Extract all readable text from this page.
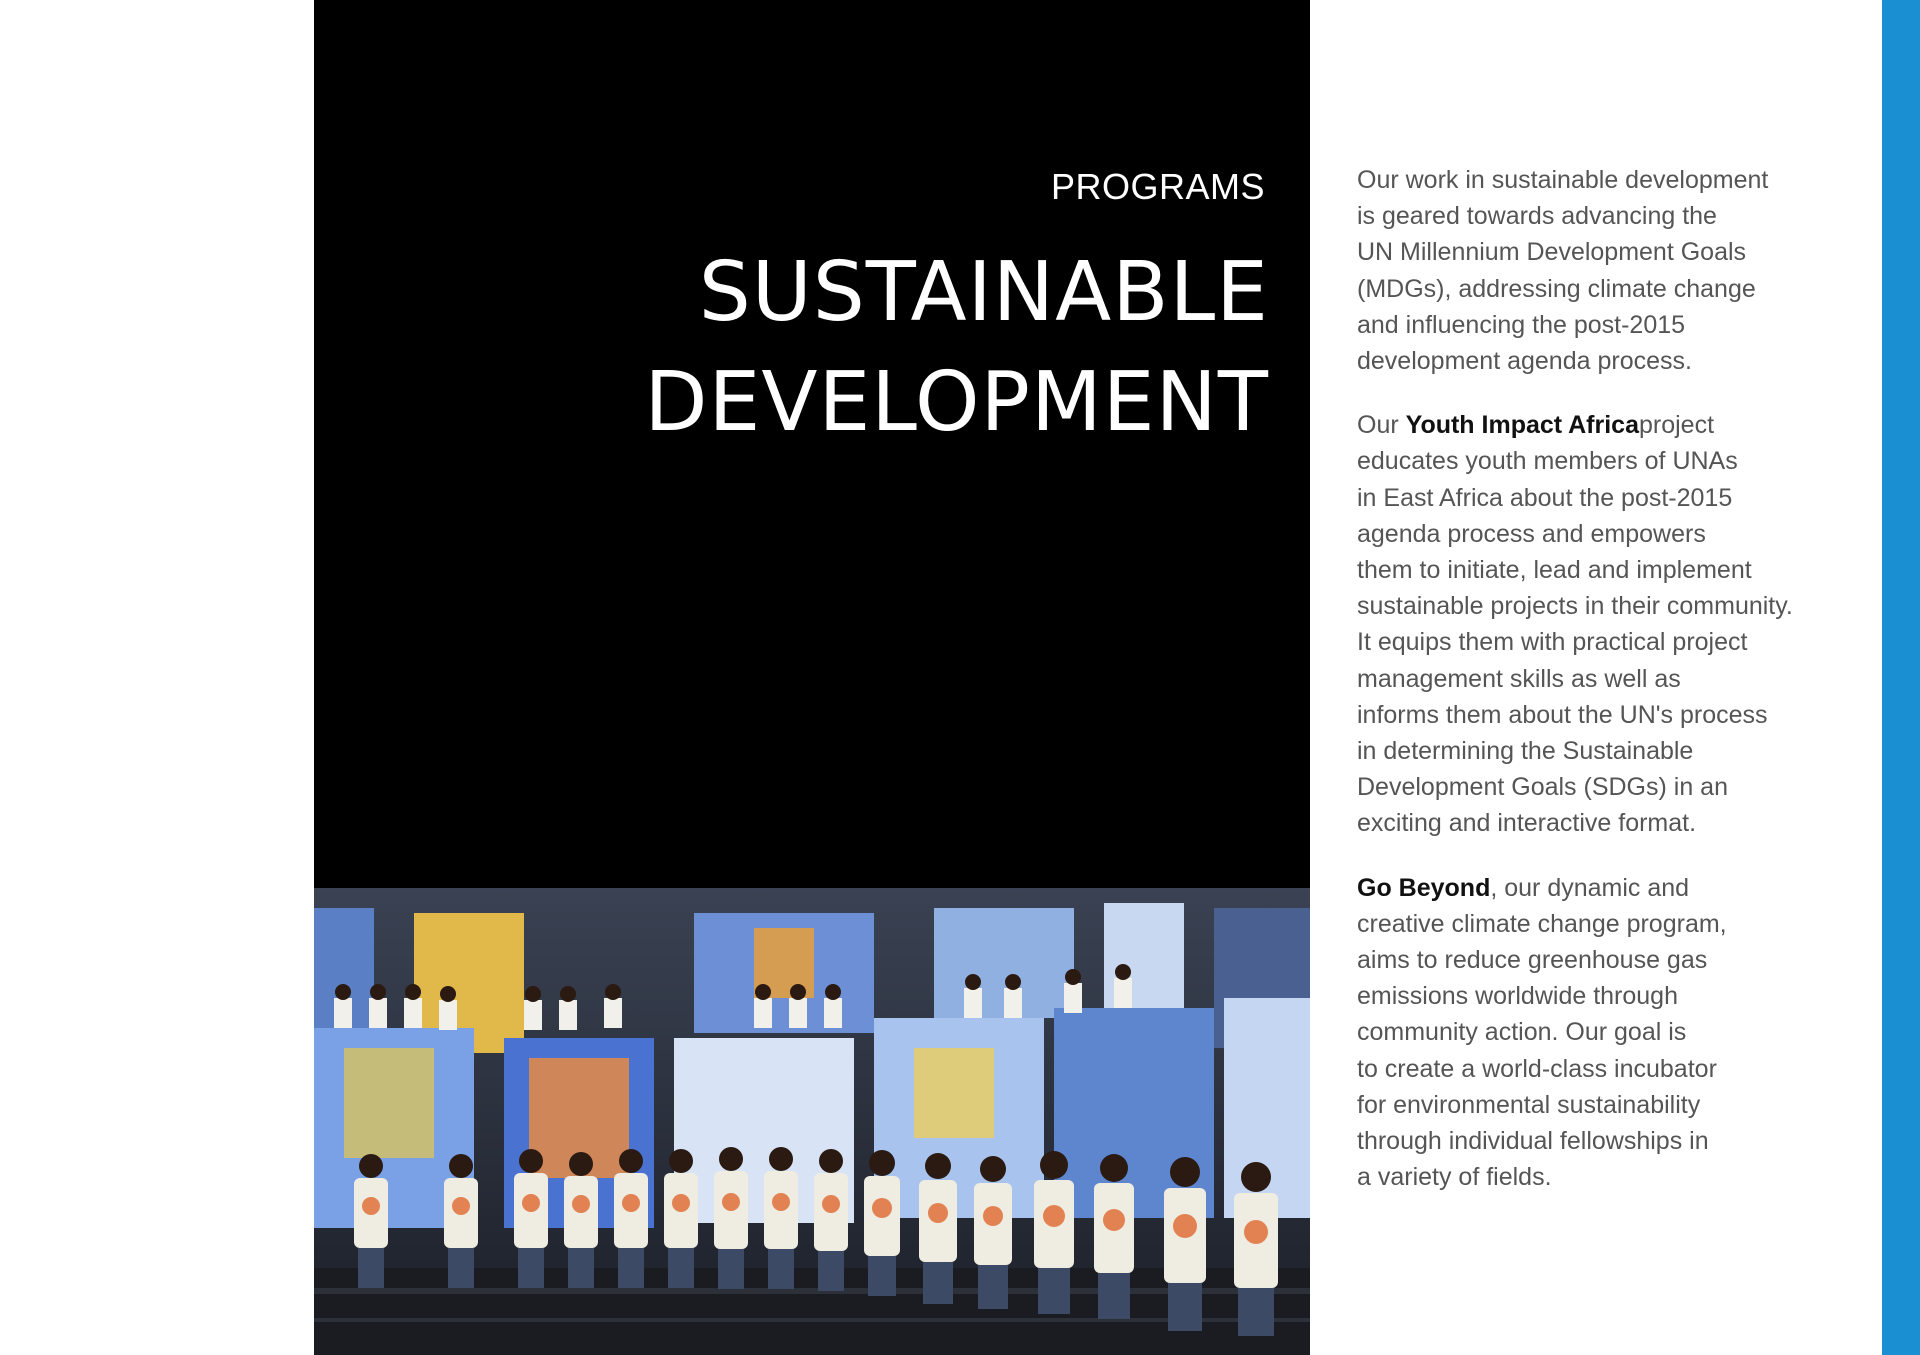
PROGRAMS
SUSTAINABLE
DEVELOPMENT

Our work in sustainable development
is geared towards advancing the
UN Millennium Development Goals
(MDGs), addressing climate change
and influencing the post-2015
development agenda process.

Our Youth Impact Africaproject
educates youth members of UNAs
in East Africa about the post-2015
agenda process and empowers
them to initiate, lead and implement
sustainable projects in their community.
It equips them with practical project
management skills as well as
informs them about the UN's process
in determining the Sustainable
Development Goals (SDGs) in an
exciting and interactive format.

Go Beyond, our dynamic and
creative climate change program,
aims to reduce greenhouse gas
emissions worldwide through
community action. Our goal is
to create a world-class incubator
for environmental sustainability
through individual fellowships in
a variety of fields.
